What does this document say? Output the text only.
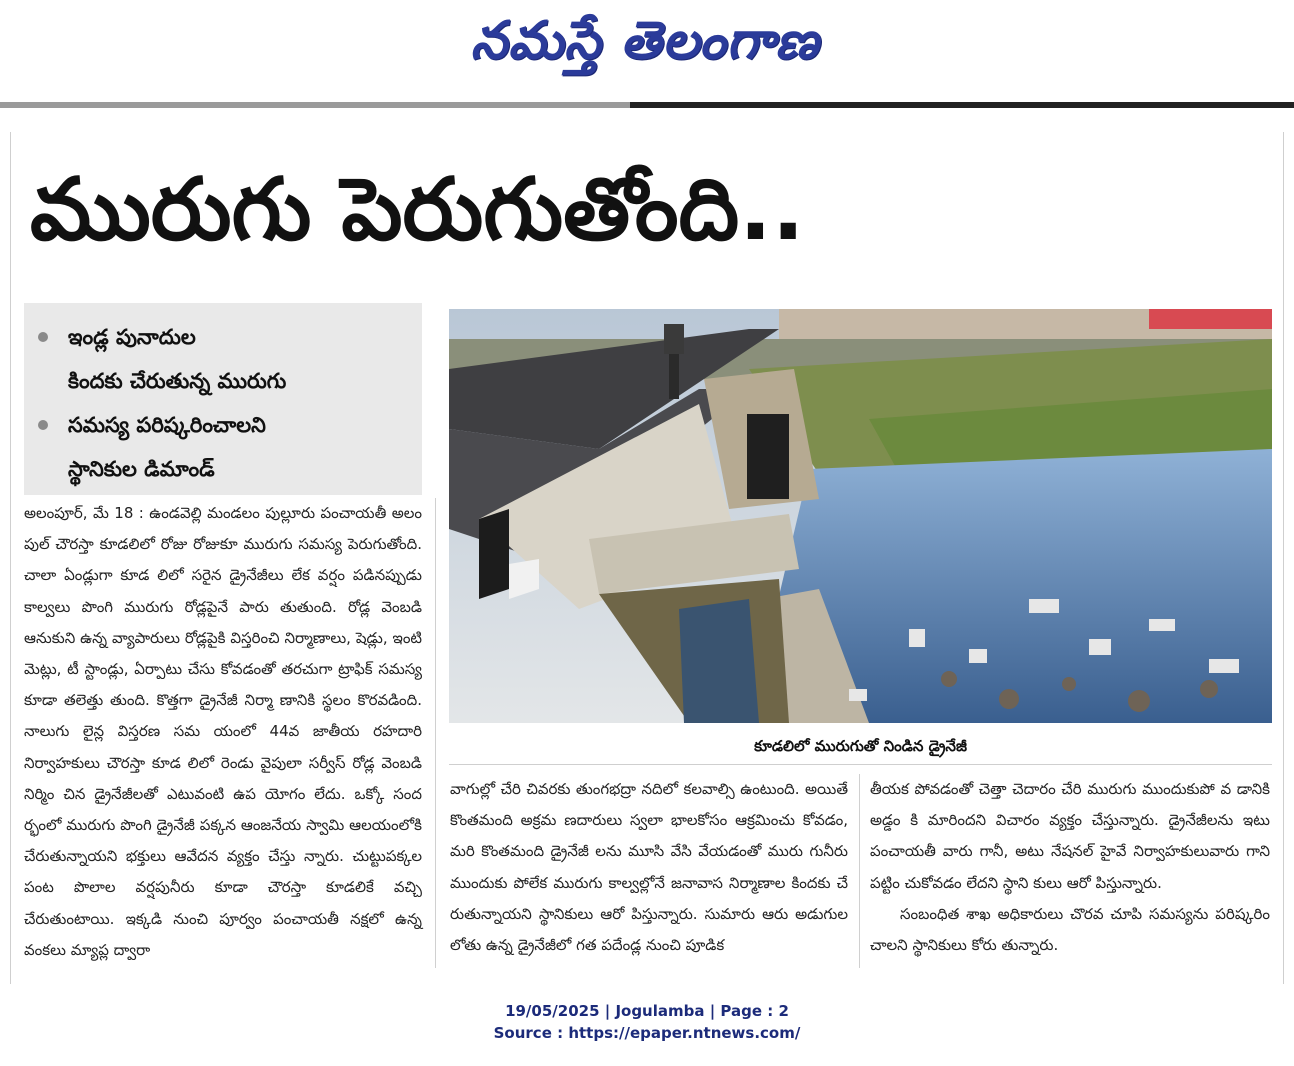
నమస్తే తెలంగాణ
మురుగు పెరుగుతోంది..
ఇండ్ల పునాదుల
కిందకు చేరుతున్న మురుగు
సమస్య పరిష్కరించాలని
స్థానికుల డిమాండ్

అలంపూర్, మే 18 : ఉండవెల్లి మండలం పుల్లూరు పంచాయతీ అలం పుల్ చౌరస్తా కూడలిలో రోజు రోజుకూ మురుగు సమస్య పెరుగుతోంది. చాలా ఏండ్లుగా కూడ లిలో సరైన డ్రైనేజీలు లేక వర్షం పడినప్పుడు కాల్వలు పొంగి మురుగు రోడ్లపైనే పారు తుతుంది. రోడ్ల వెంబడి ఆనుకుని ఉన్న వ్యాపారులు రోడ్లపైకి విస్తరించి నిర్మాణాలు, షెడ్లు, ఇంటి మెట్లు, టీ స్టాండ్లు, ఏర్పాటు చేసు కోవడంతో తరచుగా ట్రాఫిక్ సమస్య కూడా తలెత్తు తుంది. కొత్తగా డ్రైనేజీ నిర్మా ణానికి స్థలం కొరవడింది. నాలుగు లైన్ల విస్తరణ సమ యంలో 44వ జాతీయ రహదారి నిర్వాహకులు చౌరస్తా కూడ లిలో రెండు వైపులా సర్వీస్ రోడ్ల వెంబడి నిర్మిం చిన డ్రైనేజీలతో ఎటువంటి ఉప యోగం లేదు. ఒక్కో సంద ర్భంలో మురుగు పొంగి డ్రైనేజీ పక్కన ఆంజనేయ స్వామి ఆలయంలోకి చేరుతున్నాయని భక్తులు ఆవేదన వ్యక్తం చేస్తు న్నారు. చుట్టుపక్కల పంట పొలాల వర్షపునీరు కూడా చౌరస్తా కూడలికే వచ్చి చేరుతుంటాయి. ఇక్కడి నుంచి పూర్వం పంచాయతీ నక్షలో ఉన్న వంకలు మ్యాప్ల ద్వారా

కూడలిలో మురుగుతో నిండిన డ్రైనేజీ

వాగుల్లో చేరి చివరకు తుంగభద్రా నదిలో కలవాల్సి ఉంటుంది. అయితే కొంతమంది అక్రమ ణదారులు స్వలా భాలకోసం ఆక్రమించు కోవడం, మరి కొంతమంది డ్రైనేజీ లను మూసి వేసి వేయడంతో మురు గునీరు ముందుకు పోలేక మురుగు కాల్వల్లోనే జనావాస నిర్మాణాల కిందకు చే రుతున్నాయని స్థానికులు ఆరో పిస్తున్నారు. సుమారు ఆరు అడుగుల లోతు ఉన్న డ్రైనేజీలో గత పదేండ్ల నుంచి పూడిక

తీయక పోవడంతో చెత్తా చెదారం చేరి మురుగు ముందుకుపో వ డానికి అడ్డం కి మారిందని విచారం వ్యక్తం చేస్తున్నారు. డ్రైనేజీలను ఇటు పంచాయతీ వారు గానీ, అటు నేషనల్ హైవే నిర్వాహకులువారు గాని పట్టిం చుకోవడం లేదని స్థాని కులు ఆరో పిస్తున్నారు.

సంబంధిత శాఖ అధికారులు చొరవ చూపి సమస్యను పరిష్కరిం చాలని స్థానికులు కోరు తున్నారు.

19/05/2025 | Jogulamba | Page : 2
Source : https://epaper.ntnews.com/
